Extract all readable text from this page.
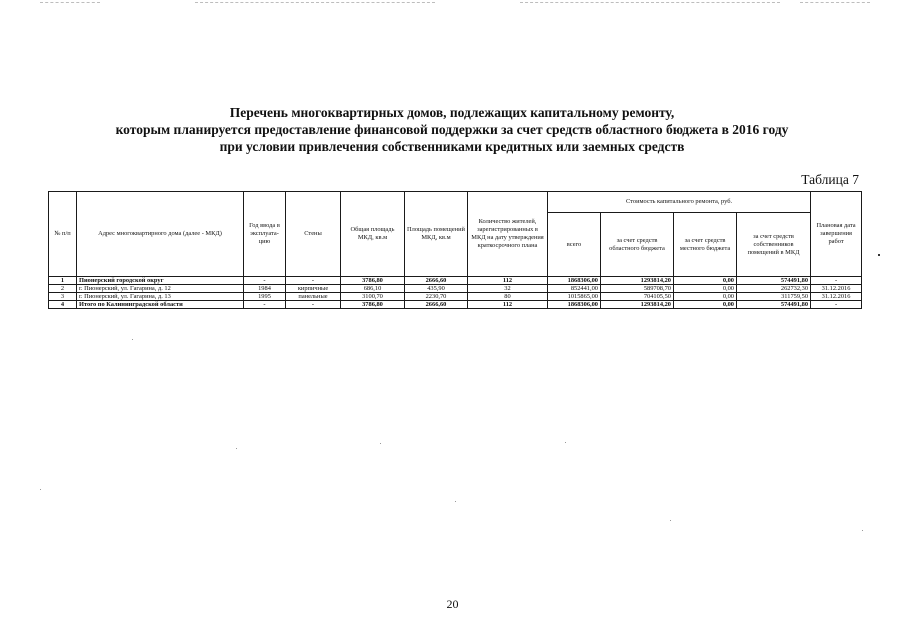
Перечень многоквартирных домов, подлежащих капитальному ремонту,
которым планируется предоставление финансовой поддержки за счет средств областного бюджета в 2016 году
при условии привлечения собственниками кредитных или заемных средств
Таблица 7
№ п/п	Адрес многоквартирного дома (далее - МКД)	Год ввода в эксплуата-цию	Стены	Общая площадь МКД, кв.м	Площадь помещений МКД, кв.м	Количество жителей, зарегистрированных в МКД на дату утверждения краткосрочного плана	Стоимость капитального ремонта, руб.				Плановая дата завершения работ
							всего	за счет средств областного бюджета	за счет средств местного бюджета	за счет средств собственников помещений в МКД	
1	Пионерский городской округ	-	-	3786,80	2666,60	112	1868306,00	1293814,20	0,00	574491,80	-
2	г. Пионерский, ул. Гагарина, д. 12	1984	кирпичные	686,10	435,90	32	852441,00	589708,70	0,00	262732,30	31.12.2016
3	г. Пионерский, ул. Гагарина, д. 13	1995	панельные	3100,70	2230,70	80	1015865,00	704105,50	0,00	311759,50	31.12.2016
4	Итого по Калининградской области	-	-	3786,80	2666,60	112	1868306,00	1293814,20	0,00	574491,80	-
20
